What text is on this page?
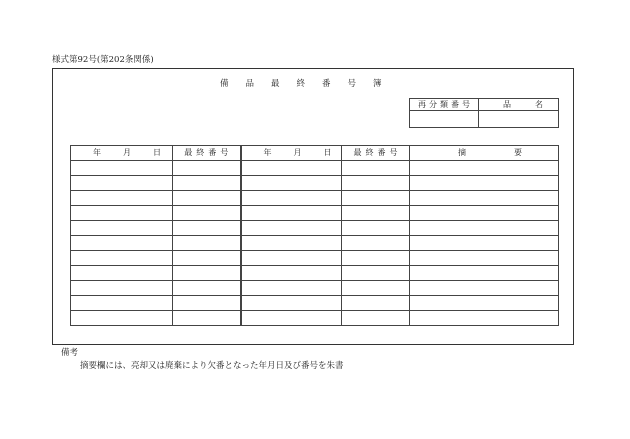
様式第92号(第202条関係)
備品最終番号簿
再分類番号	品名

年月日	最終番号	年月日	最終番号	摘要

備考
摘要欄には、亮却又は廃棄により欠番となった年月日及び番号を朱書
